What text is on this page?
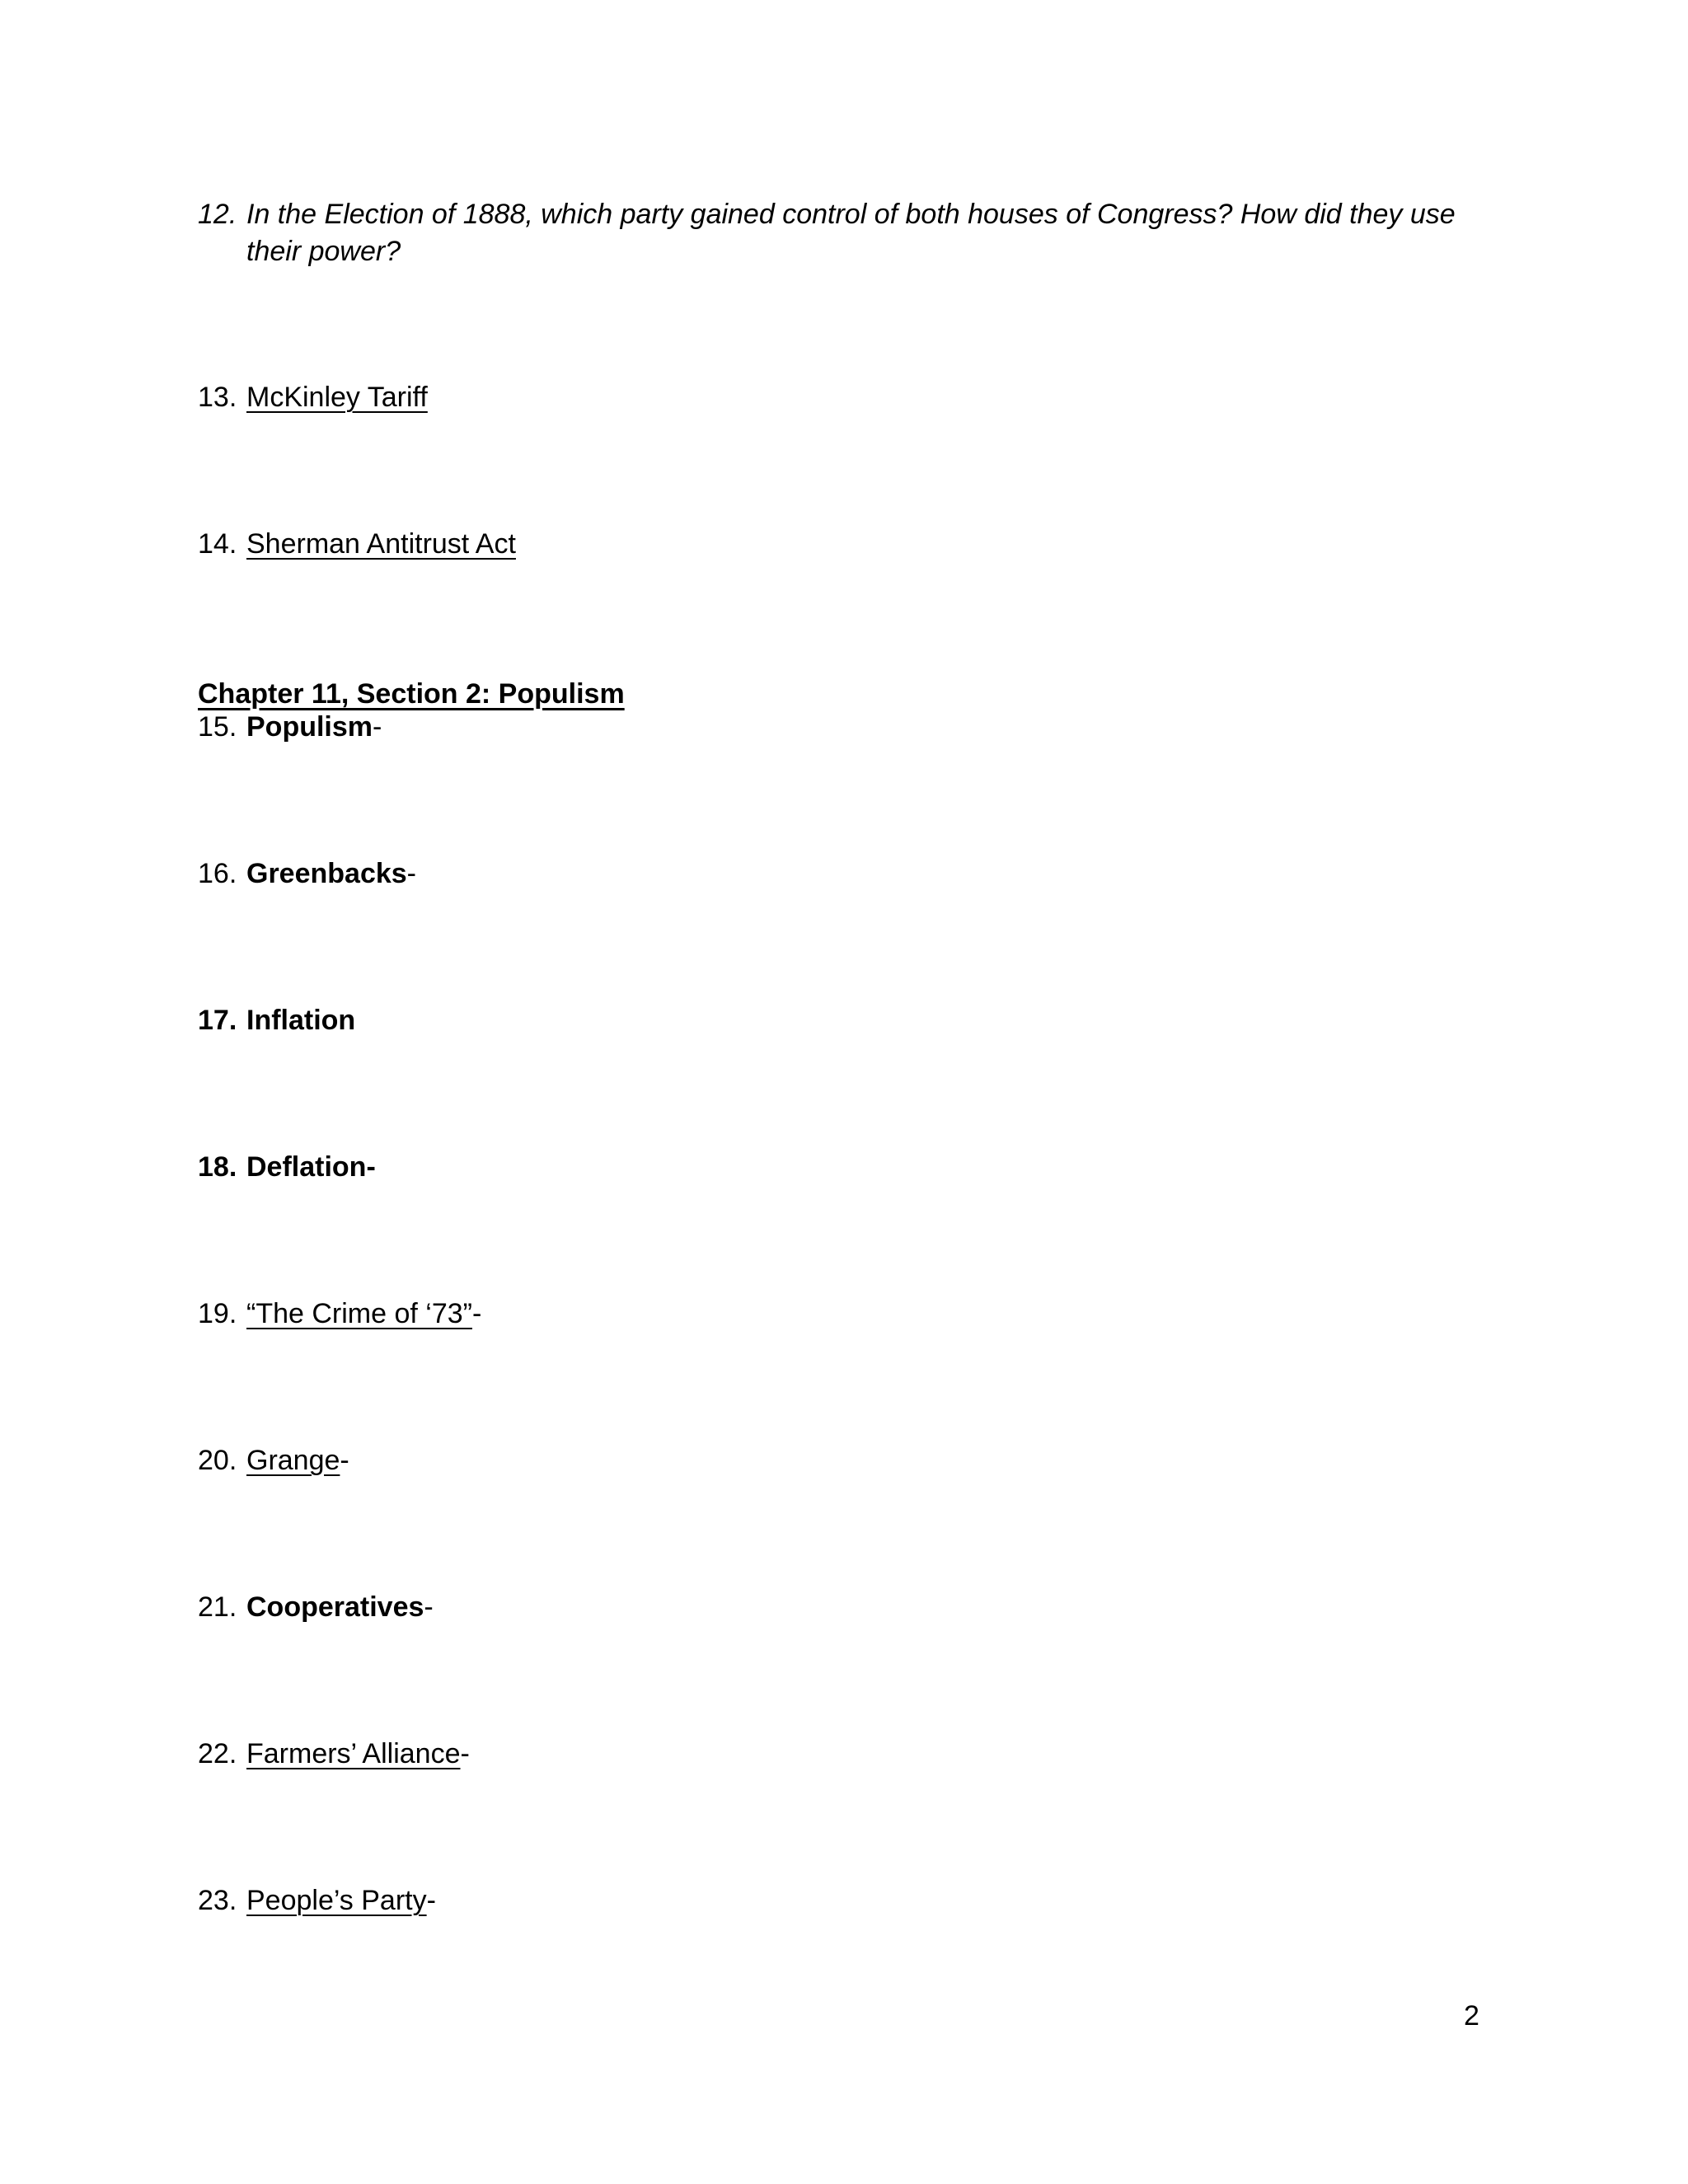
12. In the Election of 1888, which party gained control of both houses of Congress? How did they use their power?
13. McKinley Tariff
14. Sherman Antitrust Act
Chapter 11, Section 2: Populism
15. Populism-
16. Greenbacks-
17. Inflation
18. Deflation-
19. “The Crime of ‘73”-
20. Grange-
21. Cooperatives-
22. Farmers’ Alliance-
23. People’s Party-
2
